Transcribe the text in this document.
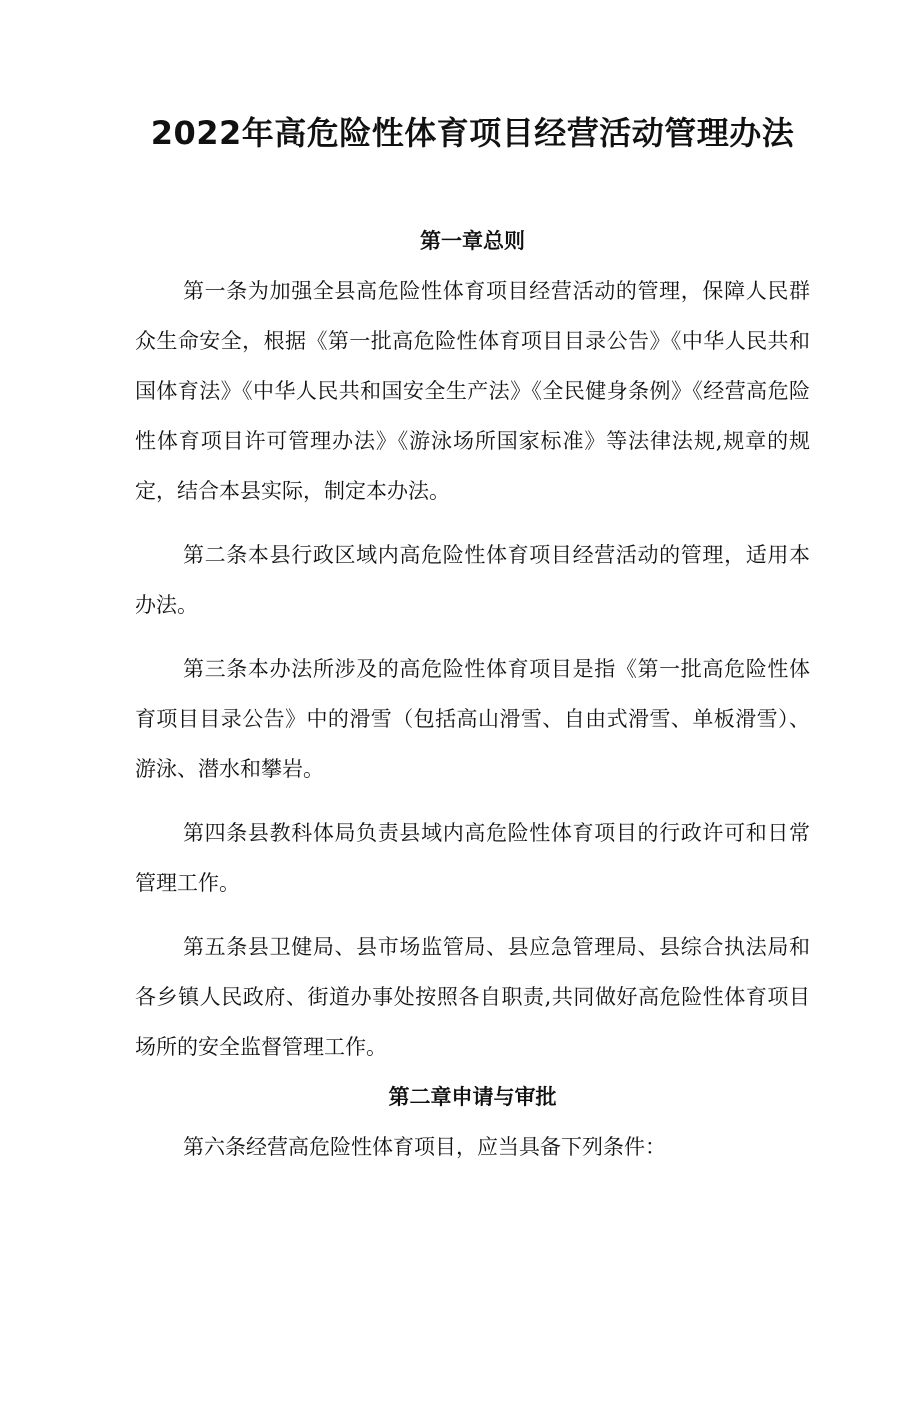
2022年高危险性体育项目经营活动管理办法
第一章总则

第一条为加强全县高危险性体育项目经营活动的管理，保障人民群众生命安全，根据《第一批高危险性体育项目目录公告》《中华人民共和国体育法》《中华人民共和国安全生产法》《全民健身条例》《经营高危险性体育项目许可管理办法》《游泳场所国家标准》等法律法规,规章的规定，结合本县实际，制定本办法。

第二条本县行政区域内高危险性体育项目经营活动的管理，适用本办法。

第三条本办法所涉及的高危险性体育项目是指《第一批高危险性体育项目目录公告》中的滑雪（包括高山滑雪、自由式滑雪、单板滑雪）、游泳、潜水和攀岩。

第四条县教科体局负责县域内高危险性体育项目的行政许可和日常管理工作。

第五条县卫健局、县市场监管局、县应急管理局、县综合执法局和各乡镇人民政府、街道办事处按照各自职责,共同做好高危险性体育项目场所的安全监督管理工作。

第二章申请与审批

第六条经营高危险性体育项目，应当具备下列条件：
